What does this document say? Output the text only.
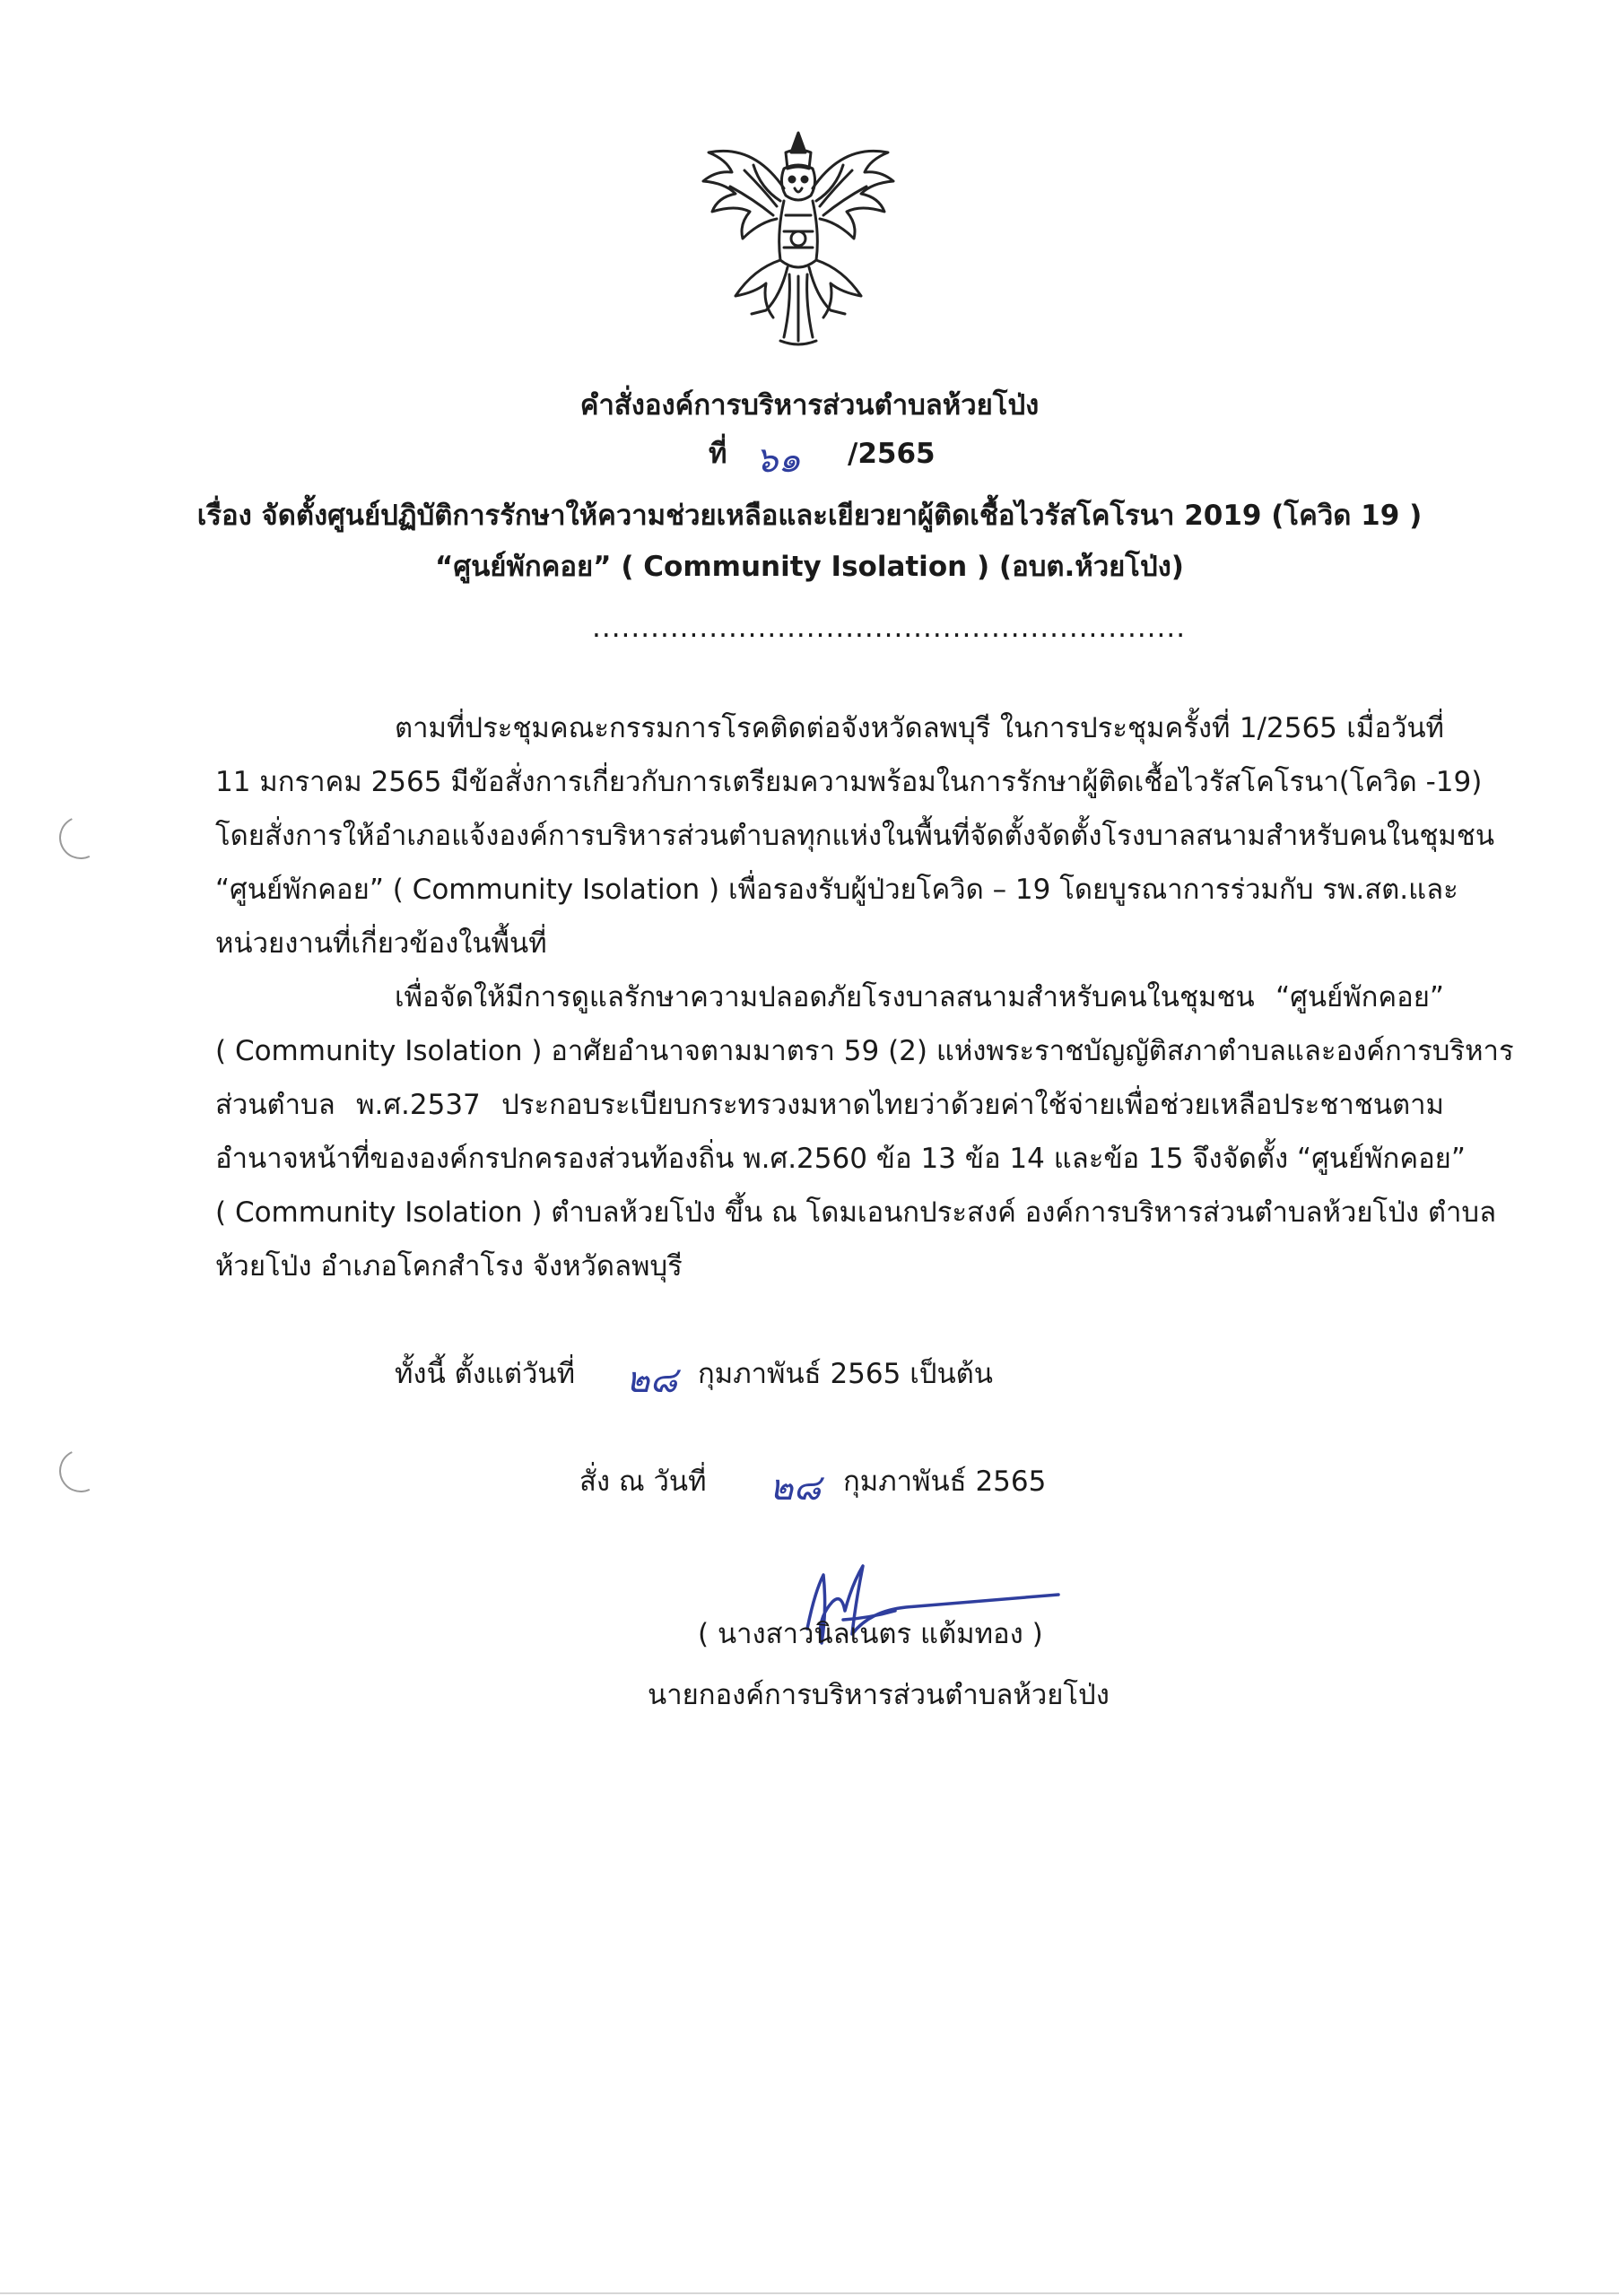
คำสั่งองค์การบริหารส่วนตำบลห้วยโป่ง
ที่ ๖๑ /2565
เรื่อง จัดตั้งศูนย์ปฏิบัติการรักษาให้ความช่วยเหลือและเยียวยาผู้ติดเชื้อไวรัสโคโรนา 2019 (โควิด 19 )
“ศูนย์พักคอย” ( Community Isolation ) (อบต.ห้วยโป่ง)
.............................................................
ตามที่ประชุมคณะกรรมการโรคติดต่อจังหวัดลพบุรี ในการประชุมครั้งที่ 1/2565 เมื่อวันที่
11 มกราคม 2565 มีข้อสั่งการเกี่ยวกับการเตรียมความพร้อมในการรักษาผู้ติดเชื้อไวรัสโคโรนา(โควิด -19)
โดยสั่งการให้อำเภอแจ้งองค์การบริหารส่วนตำบลทุกแห่งในพื้นที่จัดตั้งจัดตั้งโรงบาลสนามสำหรับคนในชุมชน
“ศูนย์พักคอย” ( Community Isolation ) เพื่อรองรับผู้ป่วยโควิด – 19 โดยบูรณาการร่วมกับ รพ.สต.และ
หน่วยงานที่เกี่ยวข้องในพื้นที่
เพื่อจัดให้มีการดูแลรักษาความปลอดภัยโรงบาลสนามสำหรับคนในชุมชน “ศูนย์พักคอย”
( Community Isolation ) อาศัยอำนาจตามมาตรา 59 (2) แห่งพระราชบัญญัติสภาตำบลและองค์การบริหาร
ส่วนตำบล พ.ศ.2537 ประกอบระเบียบกระทรวงมหาดไทยว่าด้วยค่าใช้จ่ายเพื่อช่วยเหลือประชาชนตาม
อำนาจหน้าที่ขององค์กรปกครองส่วนท้องถิ่น พ.ศ.2560 ข้อ 13 ข้อ 14 และข้อ 15 จึงจัดตั้ง “ศูนย์พักคอย”
( Community Isolation ) ตำบลห้วยโป่ง ขึ้น ณ โดมเอนกประสงค์ องค์การบริหารส่วนตำบลห้วยโป่ง ตำบล
ห้วยโป่ง อำเภอโคกสำโรง จังหวัดลพบุรี
ทั้งนี้ ตั้งแต่วันที่ ๒๘ กุมภาพันธ์ 2565 เป็นต้น
สั่ง ณ วันที่ ๒๘ กุมภาพันธ์ 2565
( นางสาวนิลเนตร แต้มทอง )
นายกองค์การบริหารส่วนตำบลห้วยโป่ง
